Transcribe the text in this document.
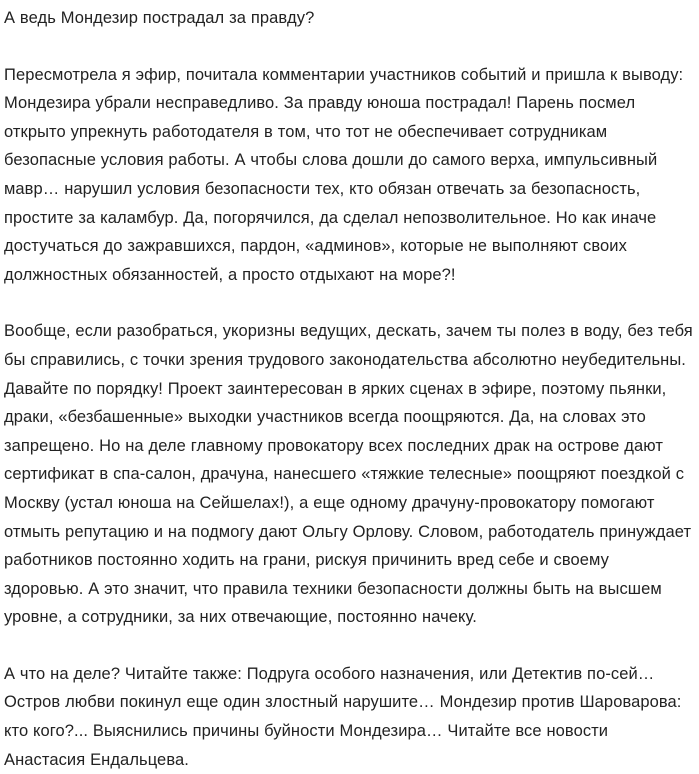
А ведь Мондезир пострадал за правду?

Пересмотрела я эфир, почитала комментарии участников событий и пришла к выводу: Мондезира убрали несправедливо. За правду юноша пострадал! Парень посмел открыто упрекнуть работодателя в том, что тот не обеспечивает сотрудникам безопасные условия работы. А чтобы слова дошли до самого верха, импульсивный мавр… нарушил условия безопасности тех, кто обязан отвечать за безопасность, простите за каламбур. Да, погорячился, да сделал непозволительное. Но как иначе достучаться до зажравшихся, пардон, «админов», которые не выполняют своих должностных обязанностей, а просто отдыхают на море?!

Вообще, если разобраться, укоризны ведущих, дескать, зачем ты полез в воду, без тебя бы справились, с точки зрения трудового законодательства абсолютно неубедительны. Давайте по порядку! Проект заинтересован в ярких сценах в эфире, поэтому пьянки, драки, «безбашенные» выходки участников всегда поощряются. Да, на словах это запрещено. Но на деле главному провокатору всех последних драк на острове дают сертификат в спа-салон, драчуна, нанесшего «тяжкие телесные» поощряют поездкой с Москву (устал юноша на Сейшелах!), а еще одному драчуну-провокатору помогают отмыть репутацию и на подмогу дают Ольгу Орлову. Словом, работодатель принуждает работников постоянно ходить на грани, рискуя причинить вред себе и своему здоровью. А это значит, что правила техники безопасности должны быть на высшем уровне, а сотрудники, за них отвечающие, постоянно начеку.

А что на деле? Читайте также: Подруга особого назначения, или Детектив по-сей… Остров любви покинул еще один злостный нарушите… Мондезир против Шароварова: кто кого?... Выяснились причины буйности Мондезира… Читайте все новости Анастасия Ендальцева.
